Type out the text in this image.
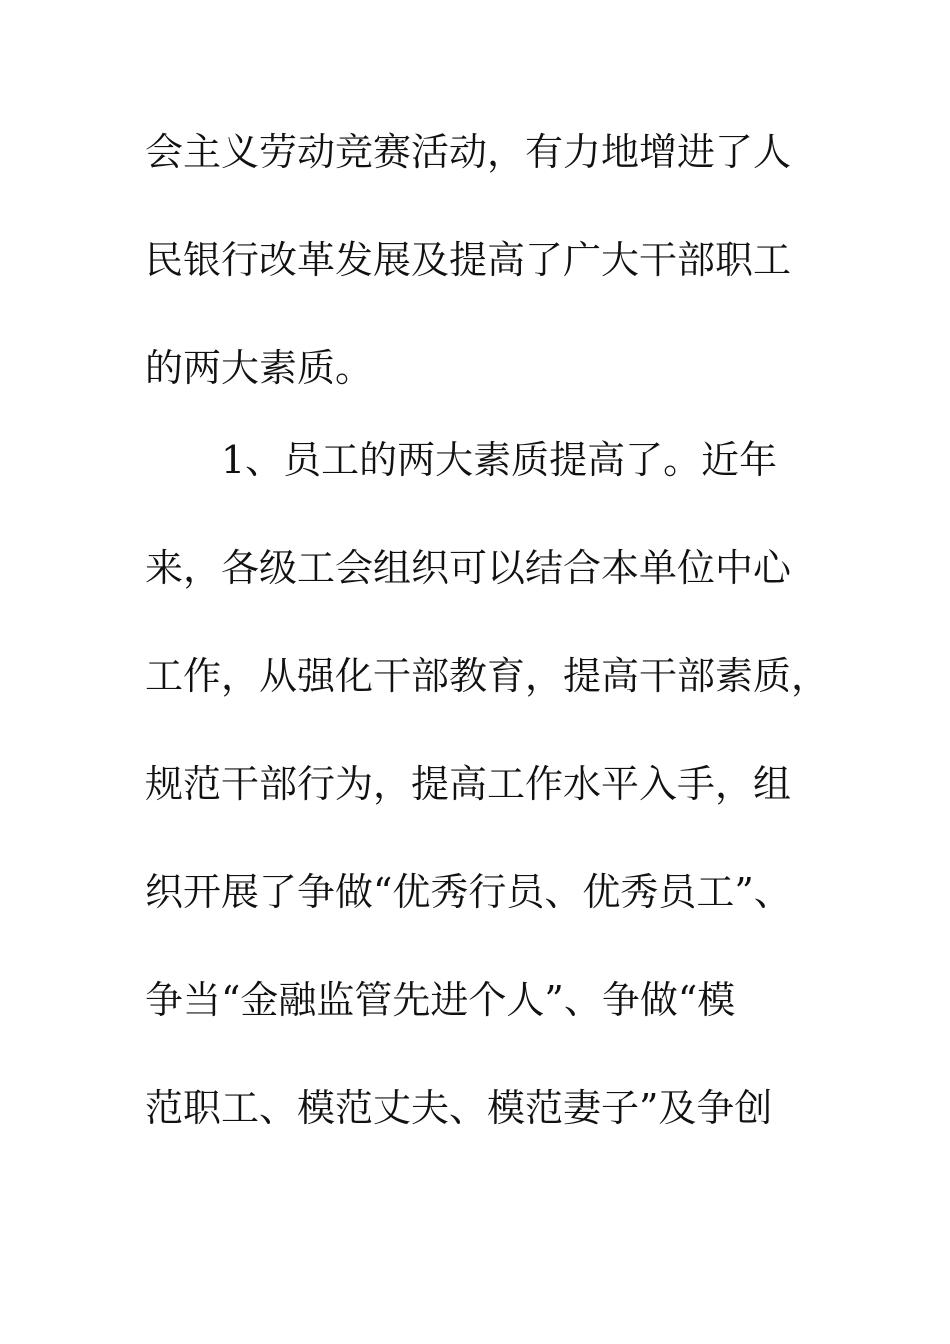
会主义劳动竞赛活动，有力地增进了人
民银行改革发展及提高了广大干部职工
的两大素质。
　　1、员工的两大素质提高了。近年
来，各级工会组织可以结合本单位中心
工作，从强化干部教育，提高干部素质，
规范干部行为，提高工作水平入手，组
织开展了争做“优秀行员、优秀员工”、
争当“金融监管先进个人”、争做“模
范职工、模范丈夫、模范妻子”及争创
